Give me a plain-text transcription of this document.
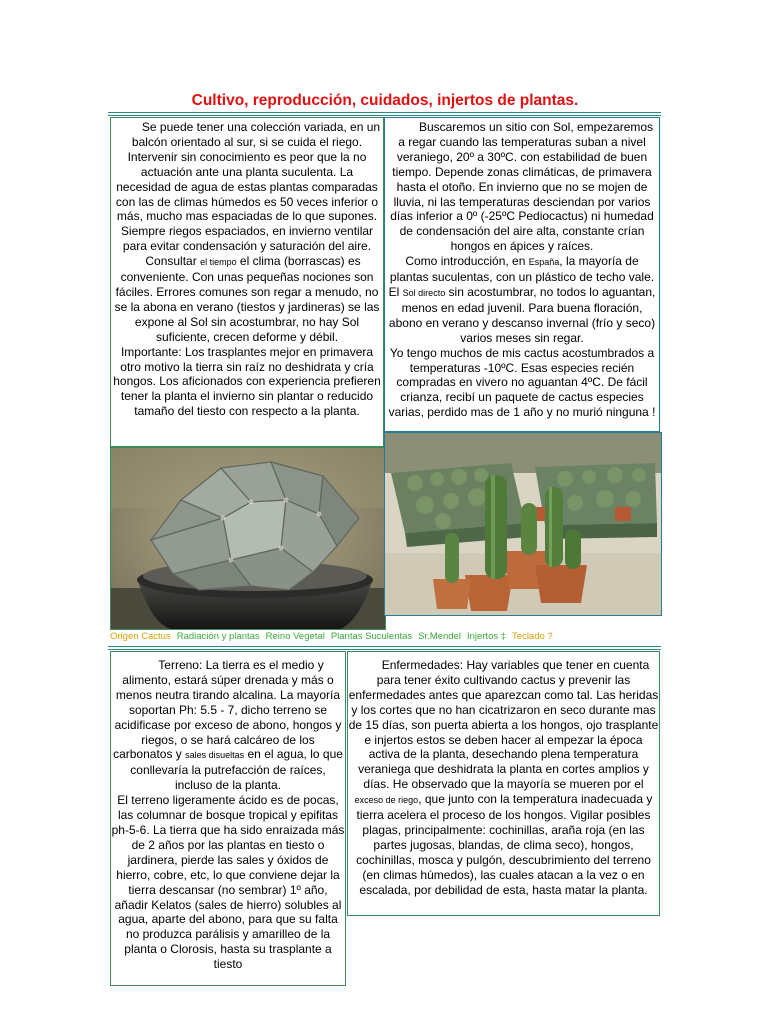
Cultivo, reproducción, cuidados, injertos de plantas.

Se puede tener una colección variada, en un balcón orientado al sur, si se cuida el riego. Intervenir sin conocimiento es peor que la no actuación ante una planta suculenta. La necesidad de agua de estas plantas comparadas con las de climas húmedos es 50 veces inferior o más, mucho mas espaciadas de lo que supones. Siempre riegos espaciados, en invierno ventilar para evitar condensación y saturación del aire.

Consultar el tiempo el clima (borrascas) es conveniente. Con unas pequeñas nociones son fáciles. Errores comunes son regar a menudo, no se la abona en verano (tiestos y jardineras) se las expone al Sol sin acostumbrar, no hay Sol suficiente, crecen deforme y débil.

Importante: Los trasplantes mejor en primavera otro motivo la tierra sin raíz no deshidrata y cría hongos. Los aficionados con experiencia prefieren tener la planta el invierno sin plantar o reducido tamaño del tiesto con respecto a la planta.

Buscaremos un sitio con Sol, empezaremos a regar cuando las temperaturas suban a nivel veraniego, 20º a 30ºC. con estabilidad de buen tiempo. Depende zonas climáticas, de primavera hasta el otoño. En invierno que no se mojen de lluvia, ni las temperaturas desciendan por varios días inferior a 0º (-25ºC Pediocactus) ni humedad de condensación del aire alta, constante crían hongos en ápices y raíces.

Como introducción, en España, la mayoría de plantas suculentas, con un plástico de techo vale. El Sol directo sin acostumbrar, no todos lo aguantan, menos en edad juvenil. Para buena floración, abono en verano y descanso invernal (frío y seco) varios meses sin regar.

Yo tengo muchos de mis cactus acostumbrados a temperaturas -10ºC. Esas especies recién compradas en vivero no aguantan 4ºC. De fácil crianza, recibí un paquete de cactus especies varias, perdido mas de 1 año y no murió ninguna !

Origen Cactus Radiación y plantas Reino Vegetal Plantas Suculentas Sr.Mendel Injertos ‡ Teclado ?

Terreno: La tierra es el medio y alimento, estará súper drenada y más o menos neutra tirando alcalina. La mayoría soportan Ph: 5.5 - 7, dicho terreno se acidificase por exceso de abono, hongos y riegos, o se hará calcáreo de los carbonatos y sales disueltas en el agua, lo que conllevaría la putrefacción de raíces, incluso de la planta.

El terreno ligeramente ácido es de pocas, las columnar de bosque tropical y epifitas ph-5-6. La tierra que ha sido enraizada más de 2 años por las plantas en tiesto o jardinera, pierde las sales y óxidos de hierro, cobre, etc, lo que conviene dejar la tierra descansar (no sembrar) 1º año, añadir Kelatos (sales de hierro) solubles al agua, aparte del abono, para que su falta no produzca parálisis y amarilleo de la planta o Clorosis, hasta su trasplante a tiesto

Enfermedades: Hay variables que tener en cuenta para tener éxito cultivando cactus y prevenir las enfermedades antes que aparezcan como tal. Las heridas y los cortes que no han cicatrizaron en seco durante mas de 15 días, son puerta abierta a los hongos, ojo trasplante e injertos estos se deben hacer al empezar la época activa de la planta, desechando plena temperatura veraniega que deshidrata la planta en cortes amplios y días. He observado que la mayoría se mueren por el exceso de riego, que junto con la temperatura inadecuada y tierra acelera el proceso de los hongos. Vigilar posibles plagas, principalmente: cochinillas, araña roja (en las partes jugosas, blandas, de clima seco), hongos, cochinillas, mosca y pulgón, descubrimiento del terreno (en climas húmedos), las cuales atacan a la vez o en escalada, por debilidad de esta, hasta matar la planta.
